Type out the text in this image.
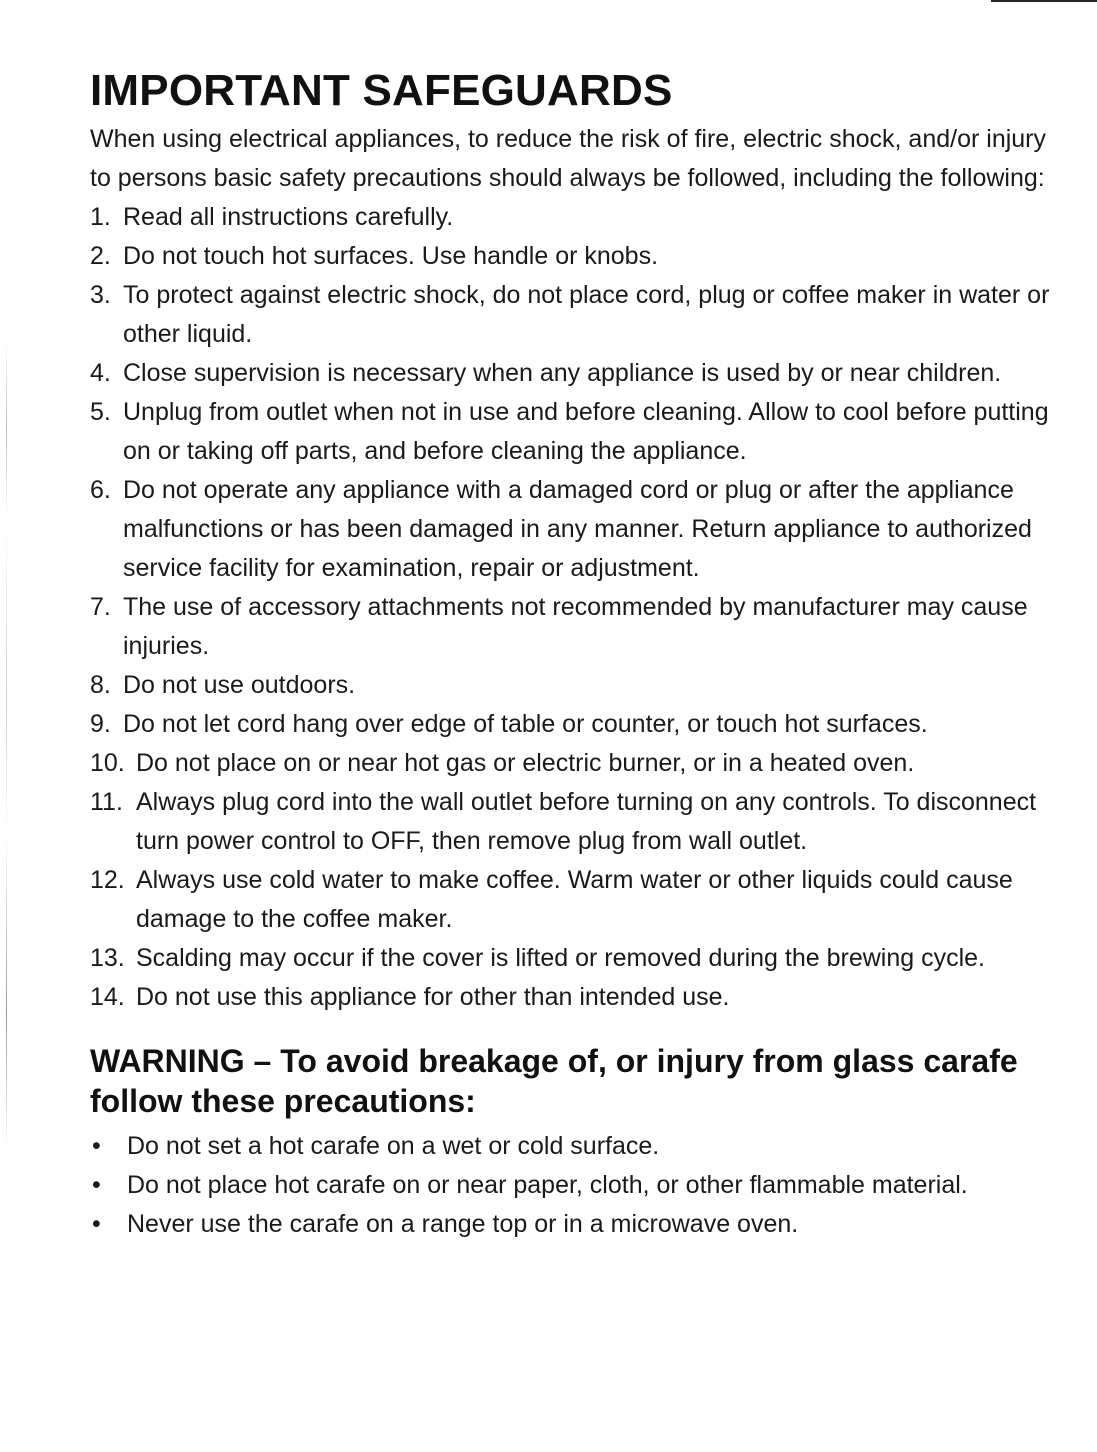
IMPORTANT SAFEGUARDS

When using electrical appliances, to reduce the risk of fire, electric shock, and/or injury to persons basic safety precautions should always be followed, including the following:

1. Read all instructions carefully.
2. Do not touch hot surfaces. Use handle or knobs.
3. To protect against electric shock, do not place cord, plug or coffee maker in water or other liquid.
4. Close supervision is necessary when any appliance is used by or near children.
5. Unplug from outlet when not in use and before cleaning. Allow to cool before putting on or taking off parts, and before cleaning the appliance.
6. Do not operate any appliance with a damaged cord or plug or after the appliance malfunctions or has been damaged in any manner. Return appliance to authorized service facility for examination, repair or adjustment.
7. The use of accessory attachments not recommended by manufacturer may cause injuries.
8. Do not use outdoors.
9. Do not let cord hang over edge of table or counter, or touch hot surfaces.
10. Do not place on or near hot gas or electric burner, or in a heated oven.
11. Always plug cord into the wall outlet before turning on any controls. To disconnect turn power control to OFF, then remove plug from wall outlet.
12. Always use cold water to make coffee. Warm water or other liquids could cause damage to the coffee maker.
13. Scalding may occur if the cover is lifted or removed during the brewing cycle.
14. Do not use this appliance for other than intended use.
WARNING – To avoid breakage of, or injury from glass carafe follow these precautions:
• Do not set a hot carafe on a wet or cold surface.
• Do not place hot carafe on or near paper, cloth, or other flammable material.
• Never use the carafe on a range top or in a microwave oven.
